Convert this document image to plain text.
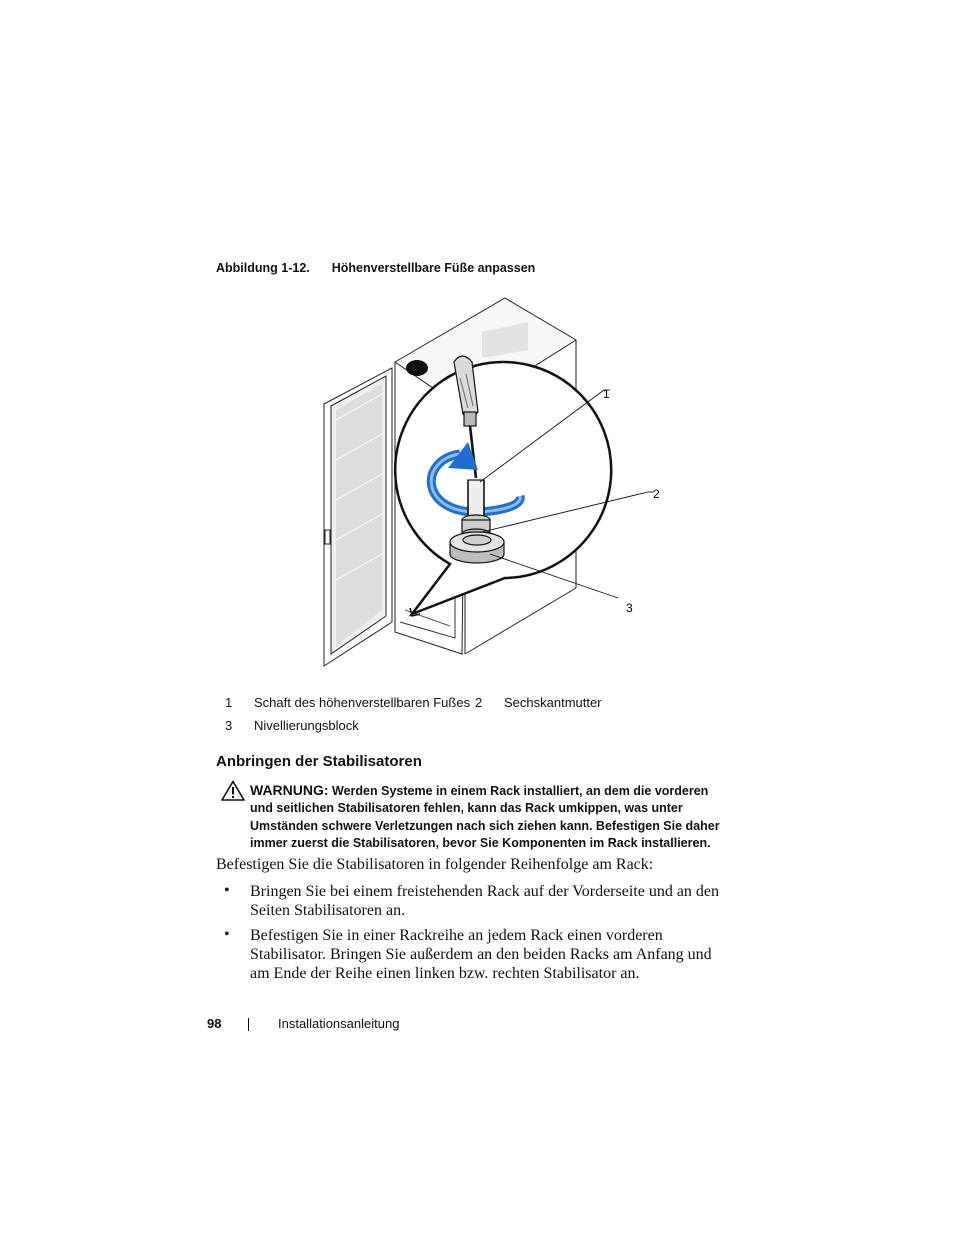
Abbildung 1-12. Höhenverstellbare Füße anpassen
1
2
3
1 Schaft des höhenverstellbaren Fußes 2 Sechskantmutter
3 Nivellierungsblock
Anbringen der Stabilisatoren
WARNUNG: Werden Systeme in einem Rack installiert, an dem die vorderen und seitlichen Stabilisatoren fehlen, kann das Rack umkippen, was unter Umständen schwere Verletzungen nach sich ziehen kann. Befestigen Sie daher immer zuerst die Stabilisatoren, bevor Sie Komponenten im Rack installieren.
Befestigen Sie die Stabilisatoren in folgender Reihenfolge am Rack:
• Bringen Sie bei einem freistehenden Rack auf der Vorderseite und an den Seiten Stabilisatoren an.
• Befestigen Sie in einer Rackreihe an jedem Rack einen vorderen Stabilisator. Bringen Sie außerdem an den beiden Racks am Anfang und am Ende der Reihe einen linken bzw. rechten Stabilisator an.
98	Installationsanleitung
